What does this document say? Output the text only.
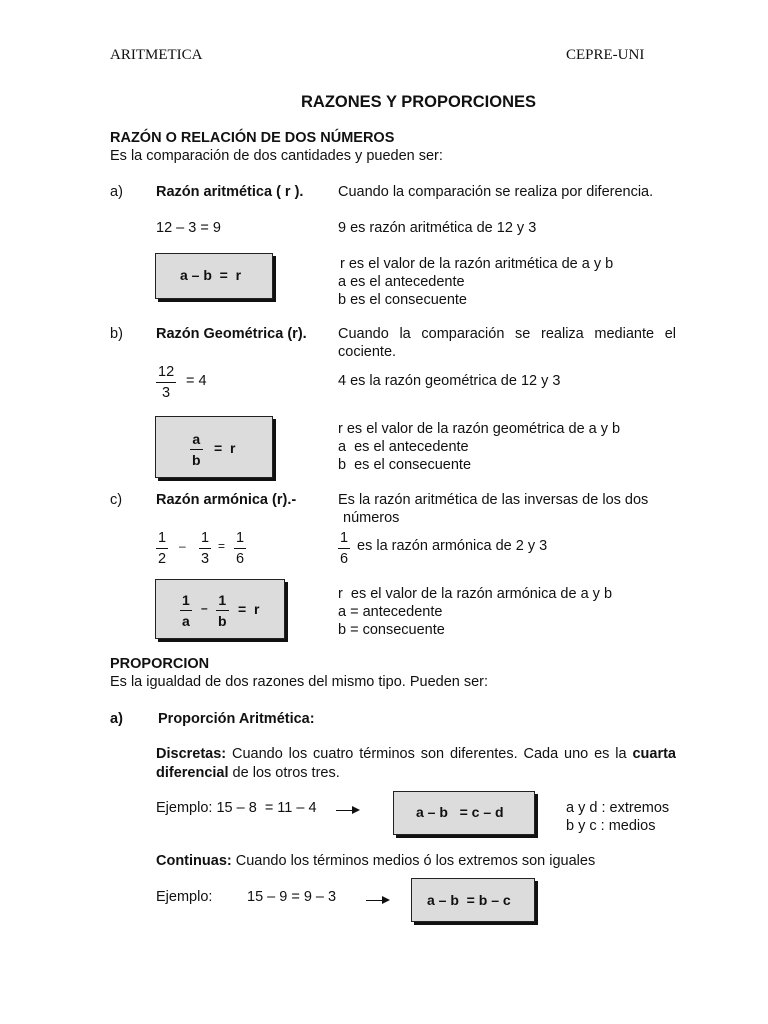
ARITMETICA	CEPRE-UNI
RAZONES Y PROPORCIONES
RAZÓN O RELACIÓN DE DOS NÚMEROS
Es la comparación de dos cantidades y pueden ser:
a) Razón aritmética ( r ). Cuando la comparación se realiza por diferencia.
12 – 3 = 9	9 es razón aritmética de 12 y 3
a – b  =  r
r es el valor de la razón aritmética de a y b
a es el antecedente
b es el consecuente
b) Razón Geométrica (r). Cuando la comparación se realiza mediante el
cociente.
12
3
= 4	4 es la razón geométrica de 12 y 3
a
b
=  r
r es el valor de la razón geométrica de a y b
a  es el antecedente
b  es el consecuente
c) Razón armónica (r).-	Es la razón aritmética de las inversas de los dos
números
1
2
– 1
3
= 1
6
1
6
es la razón armónica de 2 y 3
1
a
– 1
b
=  r
r  es el valor de la razón armónica de a y b
a = antecedente
b = consecuente
PROPORCION
Es la igualdad de dos razones del mismo tipo. Pueden ser:
a) Proporción Aritmética:
Discretas: Cuando los cuatro términos son diferentes. Cada uno es la cuarta diferencial de los otros tres.
Ejemplo: 15 – 8  = 11 – 4	a – b   = c – d	a y d : extremos
b y c : medios
Continuas: Cuando los términos medios ó los extremos son iguales
Ejemplo: 15 – 9 = 9 – 3	a – b  = b – c
